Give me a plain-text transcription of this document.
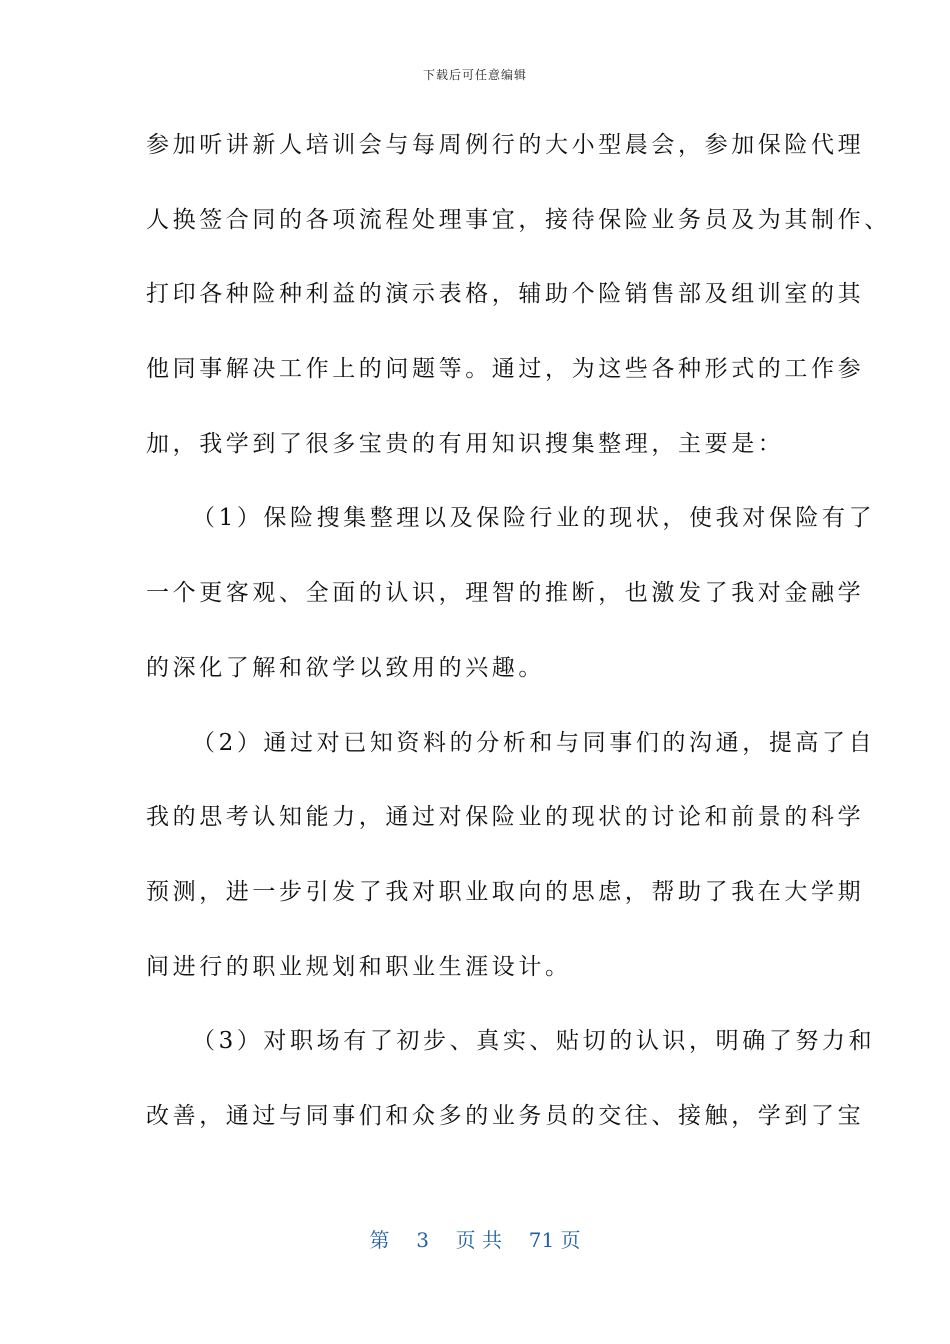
下载后可任意编辑
参加听讲新人培训会与每周例行的大小型晨会，参加保险代理
人换签合同的各项流程处理事宜，接待保险业务员及为其制作、
打印各种险种利益的演示表格，辅助个险销售部及组训室的其
他同事解决工作上的问题等。通过，为这些各种形式的工作参
加，我学到了很多宝贵的有用知识搜集整理，主要是：
（1）保险搜集整理以及保险行业的现状，使我对保险有了
一个更客观、全面的认识，理智的推断，也激发了我对金融学
的深化了解和欲学以致用的兴趣。
（2）通过对已知资料的分析和与同事们的沟通，提高了自
我的思考认知能力，通过对保险业的现状的讨论和前景的科学
预测，进一步引发了我对职业取向的思虑，帮助了我在大学期
间进行的职业规划和职业生涯设计。
（3）对职场有了初步、真实、贴切的认识，明确了努力和
改善，通过与同事们和众多的业务员的交往、接触，学到了宝
第 3 页 共 71 页
